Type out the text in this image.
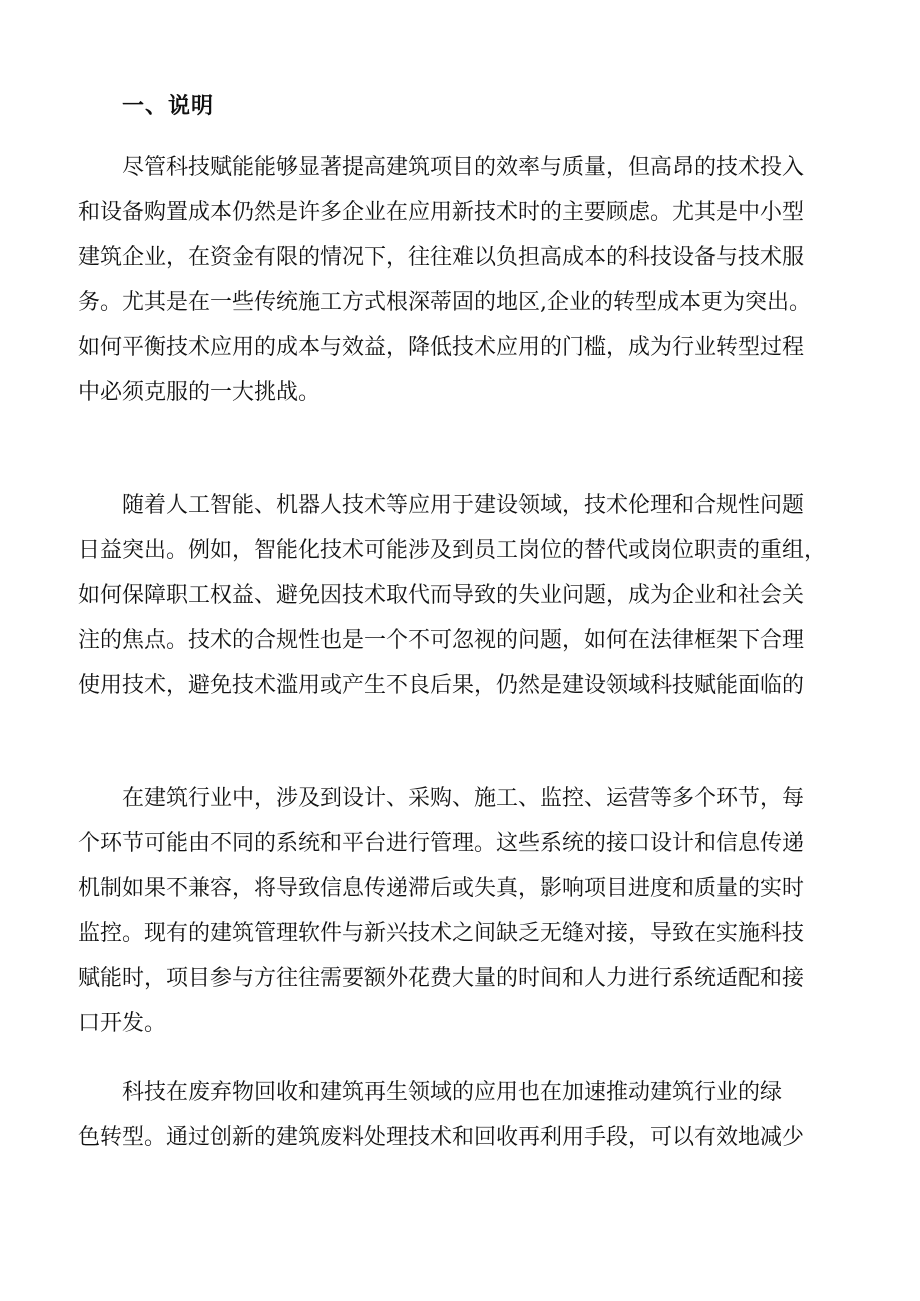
一、说明
尽管科技赋能能够显著提高建筑项目的效率与质量，但高昂的技术投入
和设备购置成本仍然是许多企业在应用新技术时的主要顾虑。尤其是中小型
建筑企业，在资金有限的情况下，往往难以负担高成本的科技设备与技术服
务。尤其是在一些传统施工方式根深蒂固的地区,企业的转型成本更为突出。
如何平衡技术应用的成本与效益，降低技术应用的门槛，成为行业转型过程
中必须克服的一大挑战。
随着人工智能、机器人技术等应用于建设领域，技术伦理和合规性问题
日益突出。例如，智能化技术可能涉及到员工岗位的替代或岗位职责的重组，
如何保障职工权益、避免因技术取代而导致的失业问题，成为企业和社会关
注的焦点。技术的合规性也是一个不可忽视的问题，如何在法律框架下合理
使用技术，避免技术滥用或产生不良后果，仍然是建设领域科技赋能面临的
在建筑行业中，涉及到设计、采购、施工、监控、运营等多个环节，每
个环节可能由不同的系统和平台进行管理。这些系统的接口设计和信息传递
机制如果不兼容，将导致信息传递滞后或失真，影响项目进度和质量的实时
监控。现有的建筑管理软件与新兴技术之间缺乏无缝对接，导致在实施科技
赋能时，项目参与方往往需要额外花费大量的时间和人力进行系统适配和接
口开发。
科技在废弃物回收和建筑再生领域的应用也在加速推动建筑行业的绿
色转型。通过创新的建筑废料处理技术和回收再利用手段，可以有效地减少
